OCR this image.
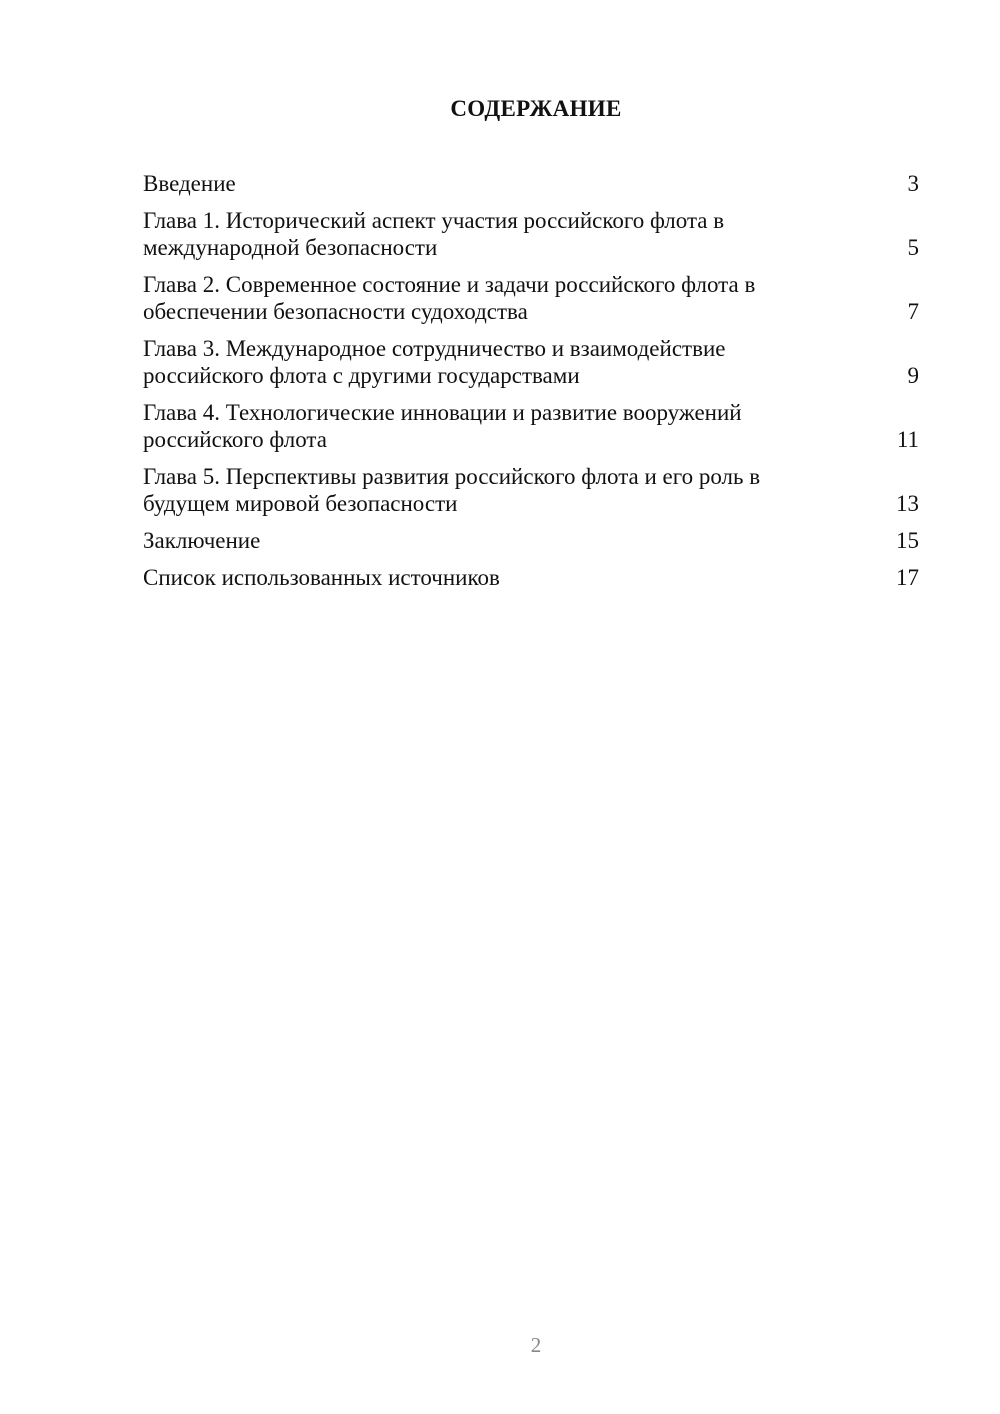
СОДЕРЖАНИЕ
Введение	3
Глава 1. Исторический аспект участия российского флота в международной безопасности	5
Глава 2. Современное состояние и задачи российского флота в обеспечении безопасности судоходства	7
Глава 3. Международное сотрудничество и взаимодействие российского флота с другими государствами	9
Глава 4. Технологические инновации и развитие вооружений российского флота	11
Глава 5. Перспективы развития российского флота и его роль в будущем мировой безопасности	13
Заключение	15
Список использованных источников	17
2
